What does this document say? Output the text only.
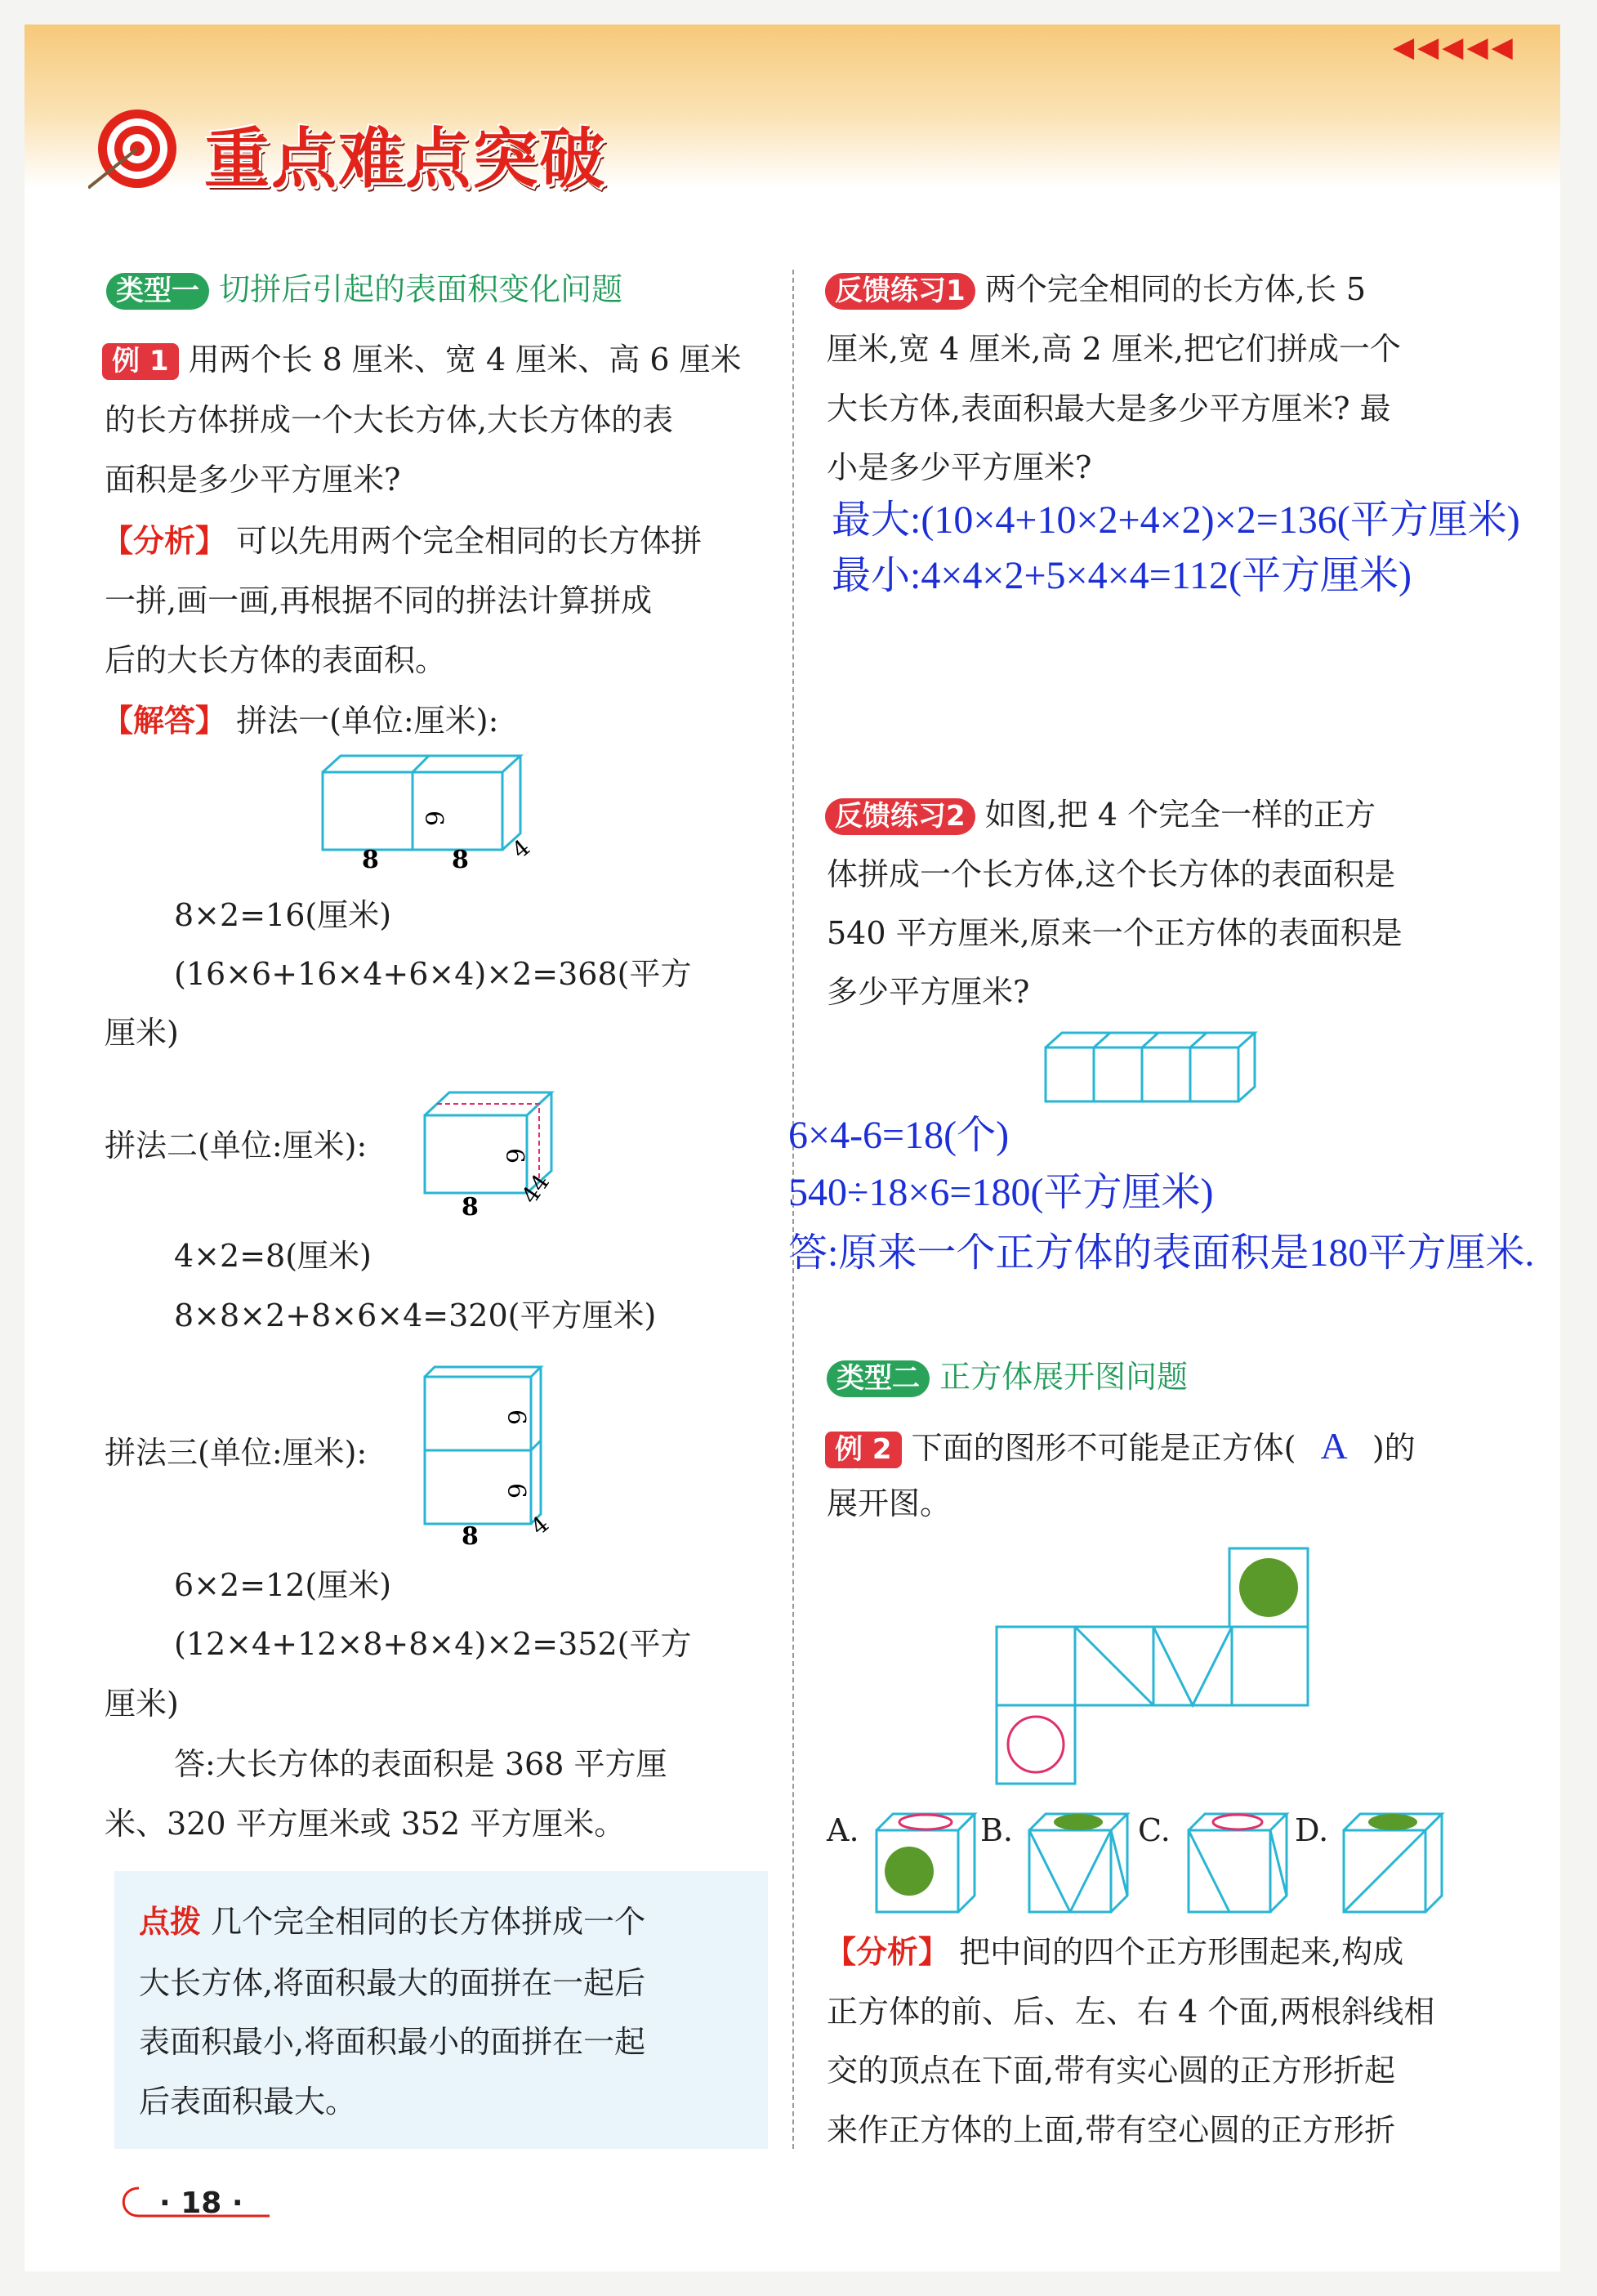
重点难点突破
◀◀◀◀◀
类型一 切拼后引起的表面积变化问题
例 1 用两个长 8 厘米、宽 4 厘米、高 6 厘米
的长方体拼成一个大长方体,大长方体的表
面积是多少平方厘米?
【分析】 可以先用两个完全相同的长方体拼
一拼,画一画,再根据不同的拼法计算拼成
后的大长方体的表面积。
【解答】 拼法一(单位:厘米):
6
8	8 4
8×2=16(厘米)
(16×6+16×4+6×4)×2=368(平方
厘米)
拼法二(单位:厘米):	6
8 44
4×2=8(厘米)
8×8×2+8×6×4=320(平方厘米)
拼法三(单位:厘米):
6
6
8 4
6×2=12(厘米)
(12×4+12×8+8×4)×2=352(平方
厘米)
答:大长方体的表面积是 368 平方厘
米、320 平方厘米或 352 平方厘米。
点拨 几个完全相同的长方体拼成一个
大长方体,将面积最大的面拼在一起后
表面积最小,将面积最小的面拼在一起
后表面积最大。
· 18 ·
反馈练习1 两个完全相同的长方体,长 5
厘米,宽 4 厘米,高 2 厘米,把它们拼成一个
大长方体,表面积最大是多少平方厘米? 最
小是多少平方厘米?
最大:(10×4+10×2+4×2)×2=136(平方厘米)
最小:4×4×2+5×4×4=112(平方厘米)
反馈练习2 如图,把 4 个完全一样的正方
体拼成一个长方体,这个长方体的表面积是
540 平方厘米,原来一个正方体的表面积是
多少平方厘米?
6×4-6=18(个)
540÷18×6=180(平方厘米)
答:原来一个正方体的表面积是180平方厘米.
类型二 正方体展开图问题
例 2 下面的图形不可能是正方体( A )的
展开图。
A.	B.	C.	D.
【分析】 把中间的四个正方形围起来,构成
正方体的前、后、左、右 4 个面,两根斜线相
交的顶点在下面,带有实心圆的正方形折起
来作正方体的上面,带有空心圆的正方形折
